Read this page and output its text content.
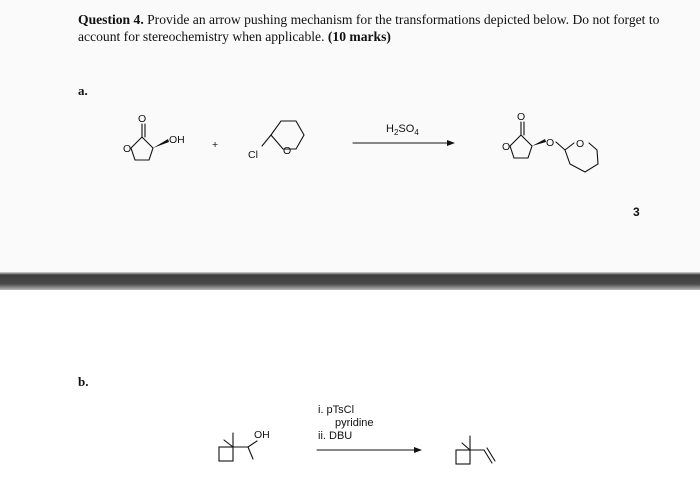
Question 4. Provide an arrow pushing mechanism for the transformations depicted below. Do not forget to account for stereochemistry when applicable. (10 marks)

a.
b.
3
O
O
OH	+
Cl O
O
O	O O
OH
$H_2SO_4$
i. pTsCl
pyridine
ii. DBU
